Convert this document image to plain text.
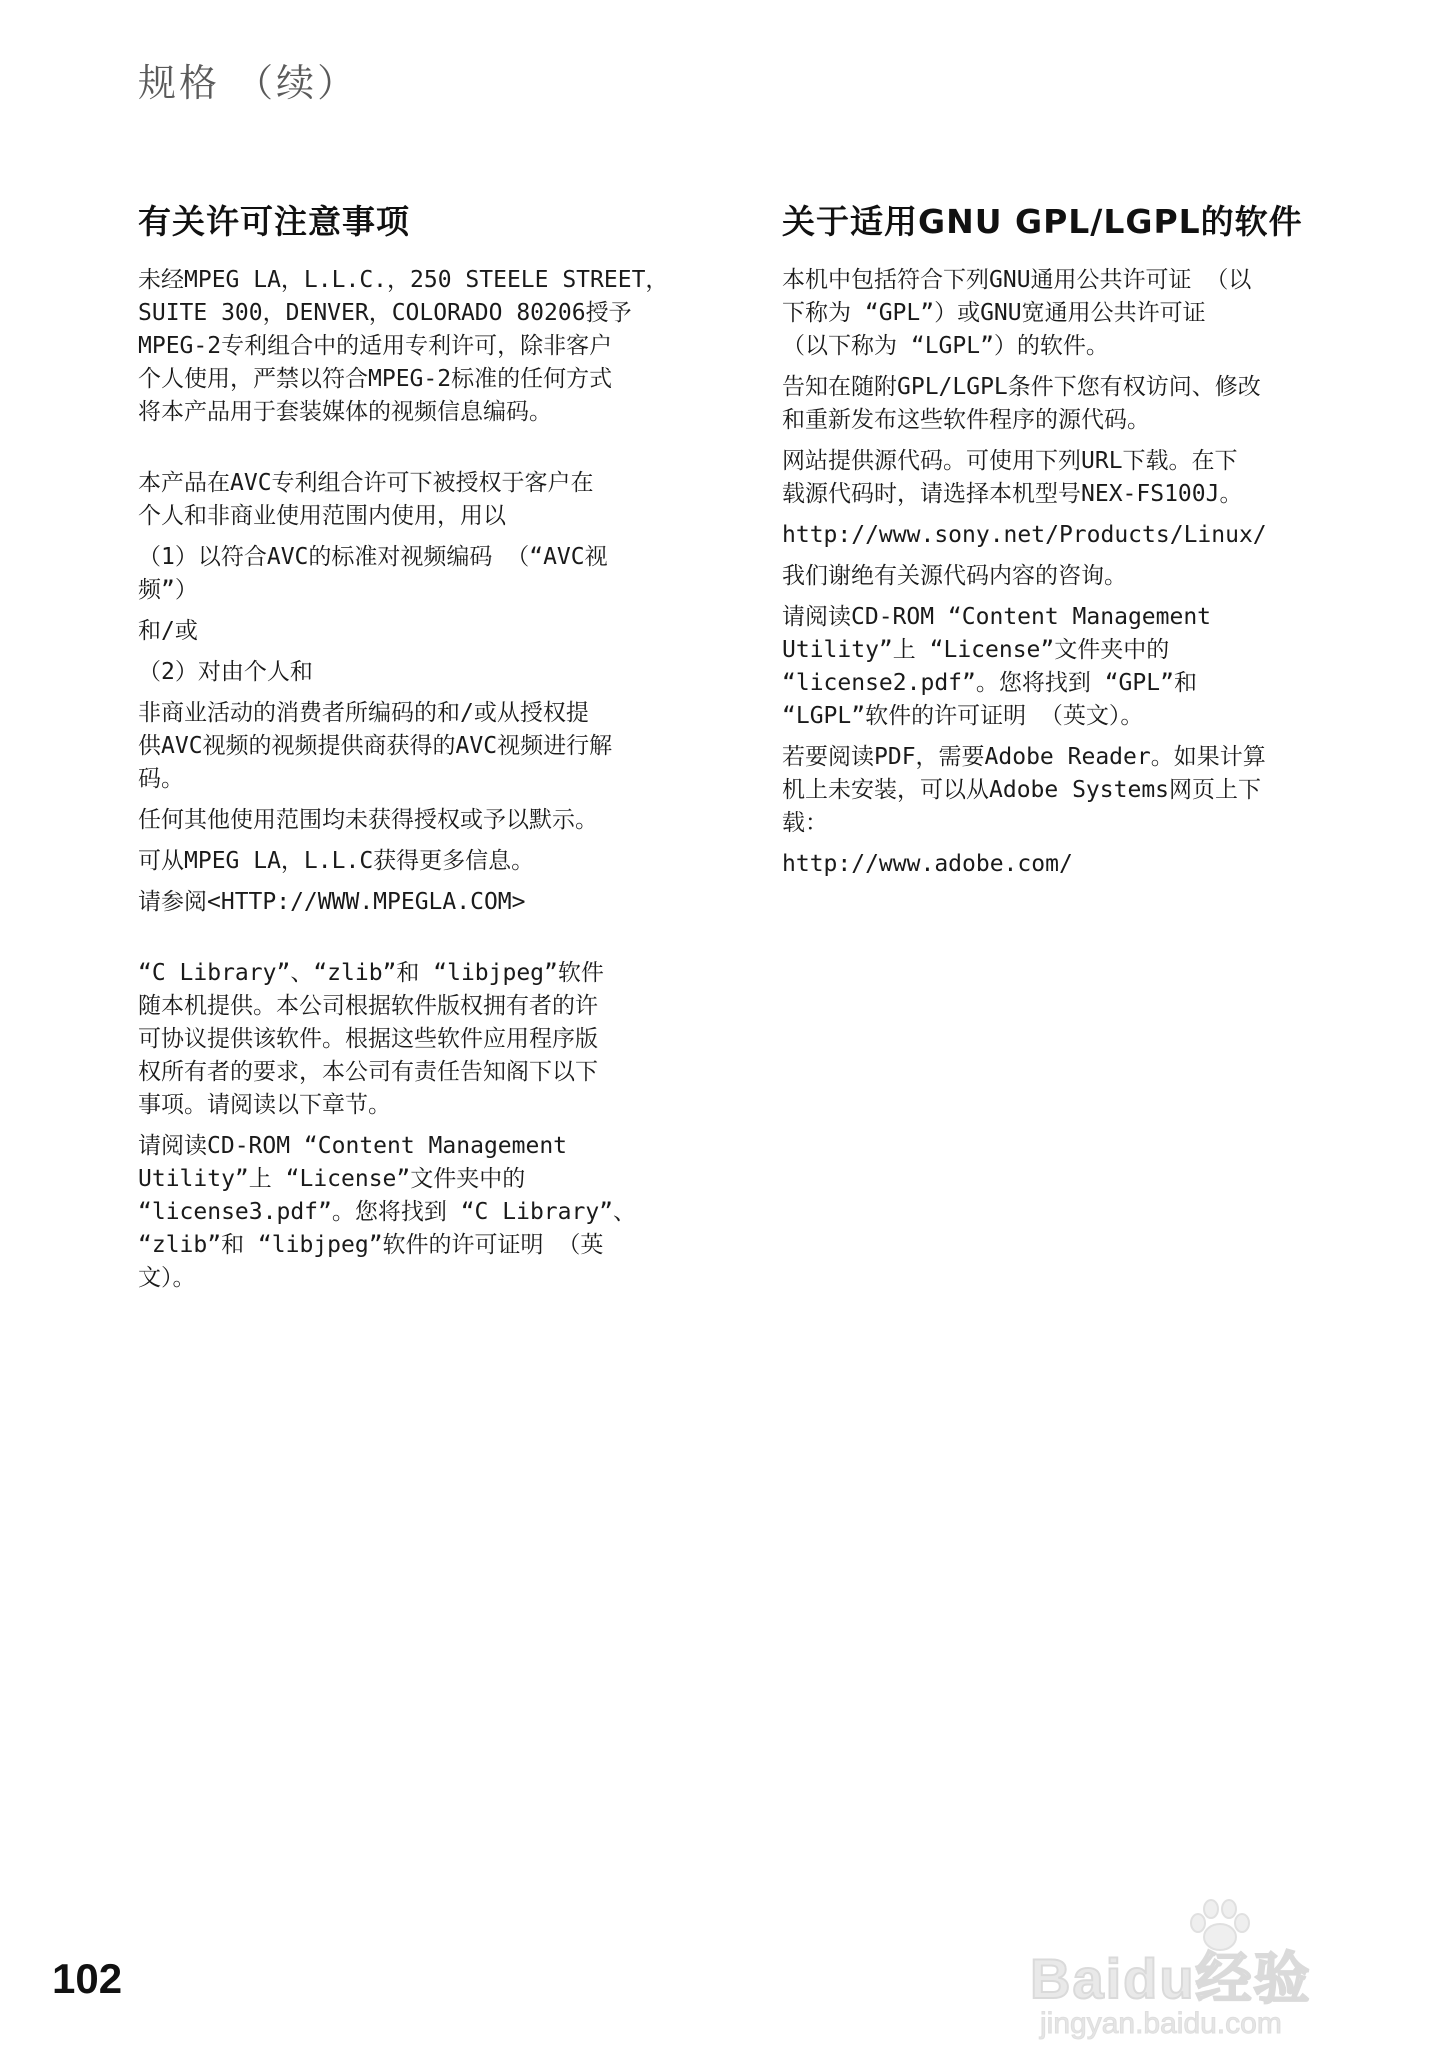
规格 （续）
有关许可注意事项
未经MPEG LA，L.L.C.，250 STEELE STREET，
SUITE 300，DENVER，COLORADO 80206授予
MPEG-2专利组合中的适用专利许可，除非客户
个人使用，严禁以符合MPEG-2标准的任何方式
将本产品用于套装媒体的视频信息编码。
本产品在AVC专利组合许可下被授权于客户在
个人和非商业使用范围内使用，用以
（1）以符合AVC的标准对视频编码 （“AVC视
频”）
和/或
（2）对由个人和
非商业活动的消费者所编码的和/或从授权提
供AVC视频的视频提供商获得的AVC视频进行解
码。
任何其他使用范围均未获得授权或予以默示。
可从MPEG LA，L.L.C获得更多信息。
请参阅<HTTP://WWW.MPEGLA.COM>
“C Library”、“zlib”和 “libjpeg”软件
随本机提供。本公司根据软件版权拥有者的许
可协议提供该软件。根据这些软件应用程序版
权所有者的要求，本公司有责任告知阁下以下
事项。请阅读以下章节。
请阅读CD-ROM “Content Management
Utility”上 “License”文件夹中的
“license3.pdf”。您将找到 “C Library”、
“zlib”和 “libjpeg”软件的许可证明 （英
文）。
关于适用GNU GPL/LGPL的软件
本机中包括符合下列GNU通用公共许可证 （以
下称为 “GPL”）或GNU宽通用公共许可证
（以下称为 “LGPL”）的软件。
告知在随附GPL/LGPL条件下您有权访问、修改
和重新发布这些软件程序的源代码。
网站提供源代码。可使用下列URL下载。在下
载源代码时，请选择本机型号NEX-FS100J。
http://www.sony.net/Products/Linux/
我们谢绝有关源代码内容的咨询。
请阅读CD-ROM “Content Management
Utility”上 “License”文件夹中的
“license2.pdf”。您将找到 “GPL”和
“LGPL”软件的许可证明 （英文）。
若要阅读PDF，需要Adobe Reader。如果计算
机上未安装，可以从Adobe Systems网页上下
载：
http://www.adobe.com/
102	Baidu经验
jingyan.baidu.com
